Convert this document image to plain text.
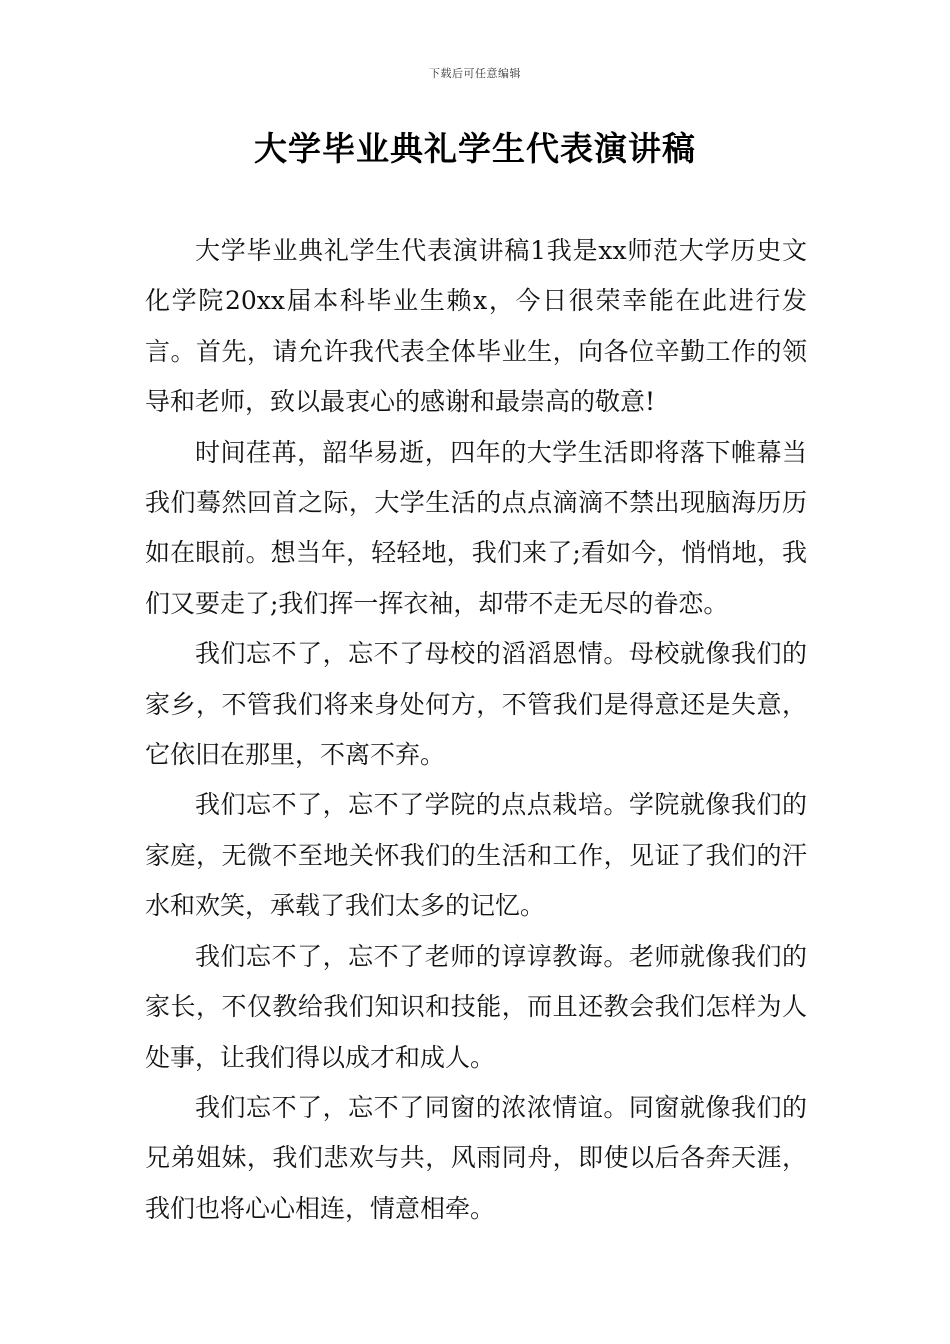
下载后可任意编辑
大学毕业典礼学生代表演讲稿

大学毕业典礼学生代表演讲稿1我是xx师范大学历史文化学院20xx届本科毕业生赖x，今日很荣幸能在此进行发言。首先，请允许我代表全体毕业生，向各位辛勤工作的领导和老师，致以最衷心的感谢和最崇高的敬意!

时间荏苒，韶华易逝，四年的大学生活即将落下帷幕当我们蓦然回首之际，大学生活的点点滴滴不禁出现脑海历历如在眼前。想当年，轻轻地，我们来了;看如今，悄悄地，我们又要走了;我们挥一挥衣袖，却带不走无尽的眷恋。

我们忘不了，忘不了母校的滔滔恩情。母校就像我们的家乡，不管我们将来身处何方，不管我们是得意还是失意，它依旧在那里，不离不弃。

我们忘不了，忘不了学院的点点栽培。学院就像我们的家庭，无微不至地关怀我们的生活和工作，见证了我们的汗水和欢笑，承载了我们太多的记忆。

我们忘不了，忘不了老师的谆谆教诲。老师就像我们的家长，不仅教给我们知识和技能，而且还教会我们怎样为人处事，让我们得以成才和成人。

我们忘不了，忘不了同窗的浓浓情谊。同窗就像我们的兄弟姐妹，我们悲欢与共，风雨同舟，即使以后各奔天涯，我们也将心心相连，情意相牵。
